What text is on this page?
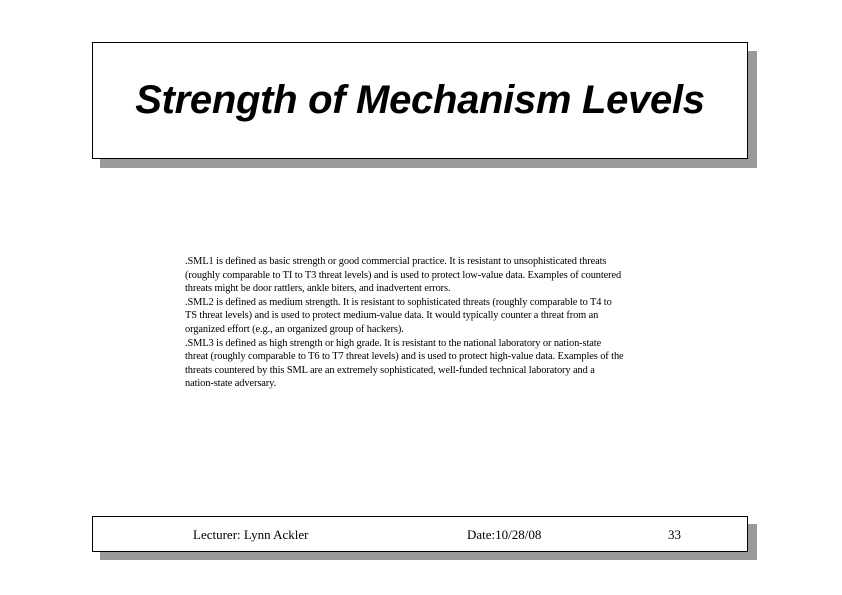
Strength of Mechanism Levels

.SML1 is defined as basic strength or good commercial practice. It is resistant to unsophisticated threats (roughly comparable to TI to T3 threat levels) and is used to protect low-value data. Examples of countered threats might be door rattlers, ankle biters, and inadvertent errors.

.SML2 is defined as medium strength. It is resistant to sophisticated threats (roughly comparable to T4 to TS threat levels) and is used to protect medium-value data. It would typically counter a threat from an organized effort (e.g., an organized group of hackers).

.SML3 is defined as high strength or high grade. It is resistant to the national laboratory or nation-state threat (roughly comparable to T6 to T7 threat levels) and is used to protect high-value data. Examples of the threats countered by this SML are an extremely sophisticated, well-funded technical laboratory and a nation-state adversary.

Lecturer: Lynn Ackler	Date:10/28/08	33
